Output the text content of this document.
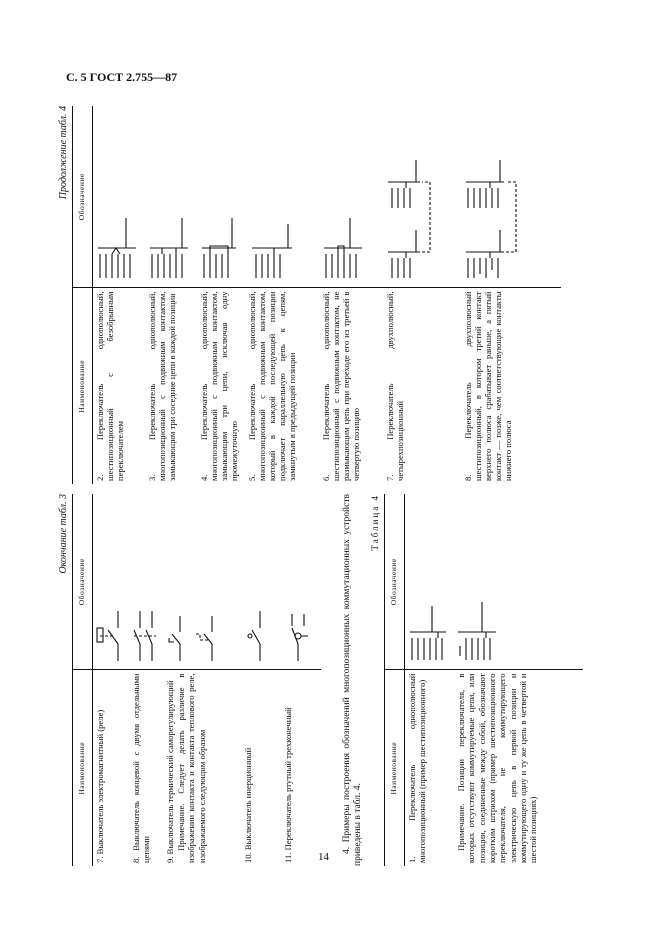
С. 5 ГОСТ 2.755—87
Окончание табл. 3
Наименование	Обозначение
7. Выключатель электромагнитный (реле)	

8. Выключатель концевой с двумя отдельными цепями	

9. Выключатель термический саморегулирующий Примечание. Следует делать различие в изображении контакта и контакта теплового реле, изображаемого следующим образом

10. Выключатель инерционный	

11. Переключатель ртутный трехконечный		4. Примеры построения обозначений многопозиционных коммутационных устройств приведены в табл. 4.
Таблица 4
Наименование	Обозначение
1. Переключатель однополюсный многопозиционный (пример шестипозиционного)	

Примечание. Позиции переключателя, в которых отсутствуют коммутируемые цепи, или позиции, соединенные между собой, обозначают коротким штрихом (пример шестипозиционного переключателя, не коммутирующего электрическую цепь в первой позиции и коммутирующего одну и ту же цепь в четвертой и шестой позициях)	
Продолжение табл. 4
Наименование	Обозначение
2. Переключатель однополюсный, шестипозиционный с безобрывным переключателем	

3. Переключатель однополюсный, многопозиционный с подвижным контактом, замыкающим три соседние цепи в каждой позиции	

4. Переключатель однополюсный, многопозиционный с подвижным контактом, замыкающим три цепи, исключая одну промежуточную	

5. Переключатель однополюсный, многопозиционный с подвижным контактом, который в каждой последующей позиции подключает параллельную цепь к цепям, замкнутым в предыдущей позиции	

6. Переключатель однополюсный, шестипозиционный с подвижным контактом, не размыкающим цепь при переходе его из третьей в четвертую позицию	

7. Переключатель двухполюсный, четырехпозиционный	

8. Переключатель двухполюсный шестипозиционный, в котором третий контакт верхнего полюса срабатывает раньше, а пятый контакт — позже, чем соответствующие контакты нижнего полюса	
14
